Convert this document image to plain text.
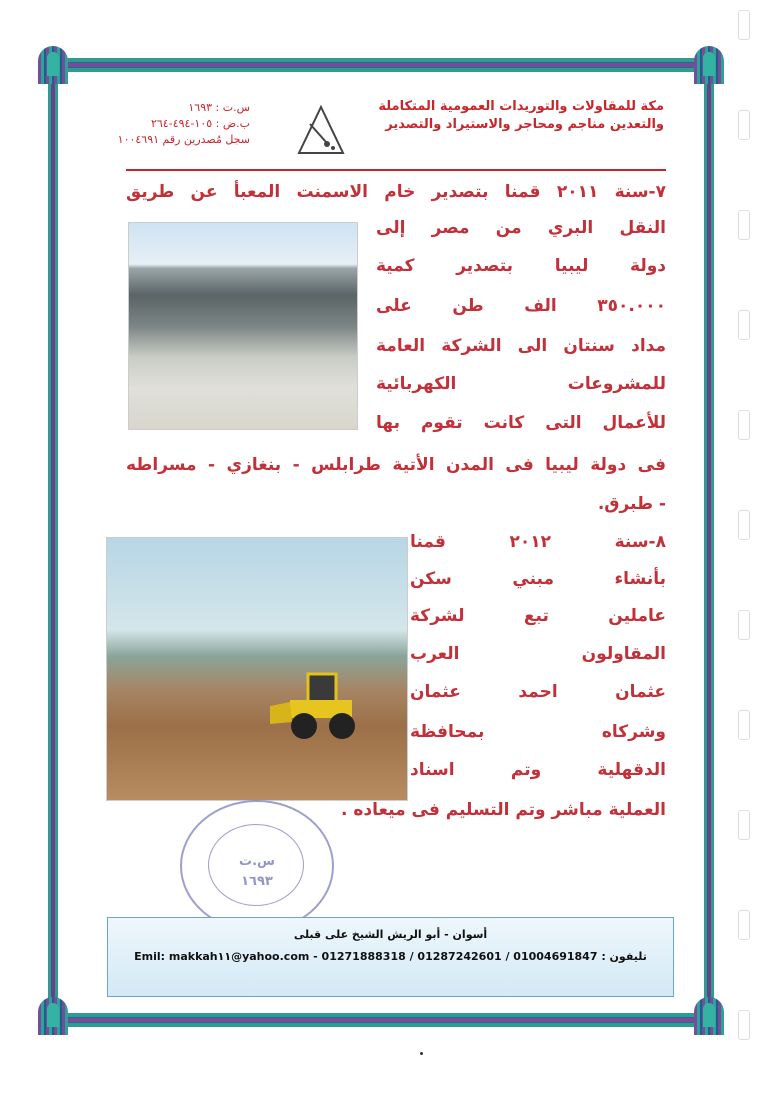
مكة للمقاولات والتوريدات العمومية المتكاملة
والتعدين مناجم ومحاجر والاستيراد والتصدير
س.ت : ١٦٩٣
ب.ض : ١٠٥-٤٩٤-٢٦٤
سجل مُصدرين رقم ١٠٠٤٦٩١
٧-سنة ٢٠١١ قمنا بتصدير خام الاسمنت المعبأ عن طريق
النقل البري من مصر إلى
دولة ليبيا بتصدير كمية
٣٥٠.٠٠٠ الف طن على
مداد سنتان الى الشركة العامة
للمشروعات الكهربائية
للأعمال التى كانت تقوم بها
فى دولة ليبيا فى المدن الأتية طرابلس - بنغازي - مسراطه
- طبرق.
٨-سنة ٢٠١٢ قمنا
بأنشاء مبني سكن
عاملين تبع لشركة
المقاولون العرب
عثمان احمد عثمان
وشركاه بمحافظة
الدقهلية وتم اسناد
العملية مباشر وتم التسليم فى ميعاده .
س.ت
١٦٩٣
أسوان - أبو الريش الشيخ على قبلى
Emil: makkah١١@yahoo.com - 01271888318 / 01287242601 / 01004691847 : تليفون
